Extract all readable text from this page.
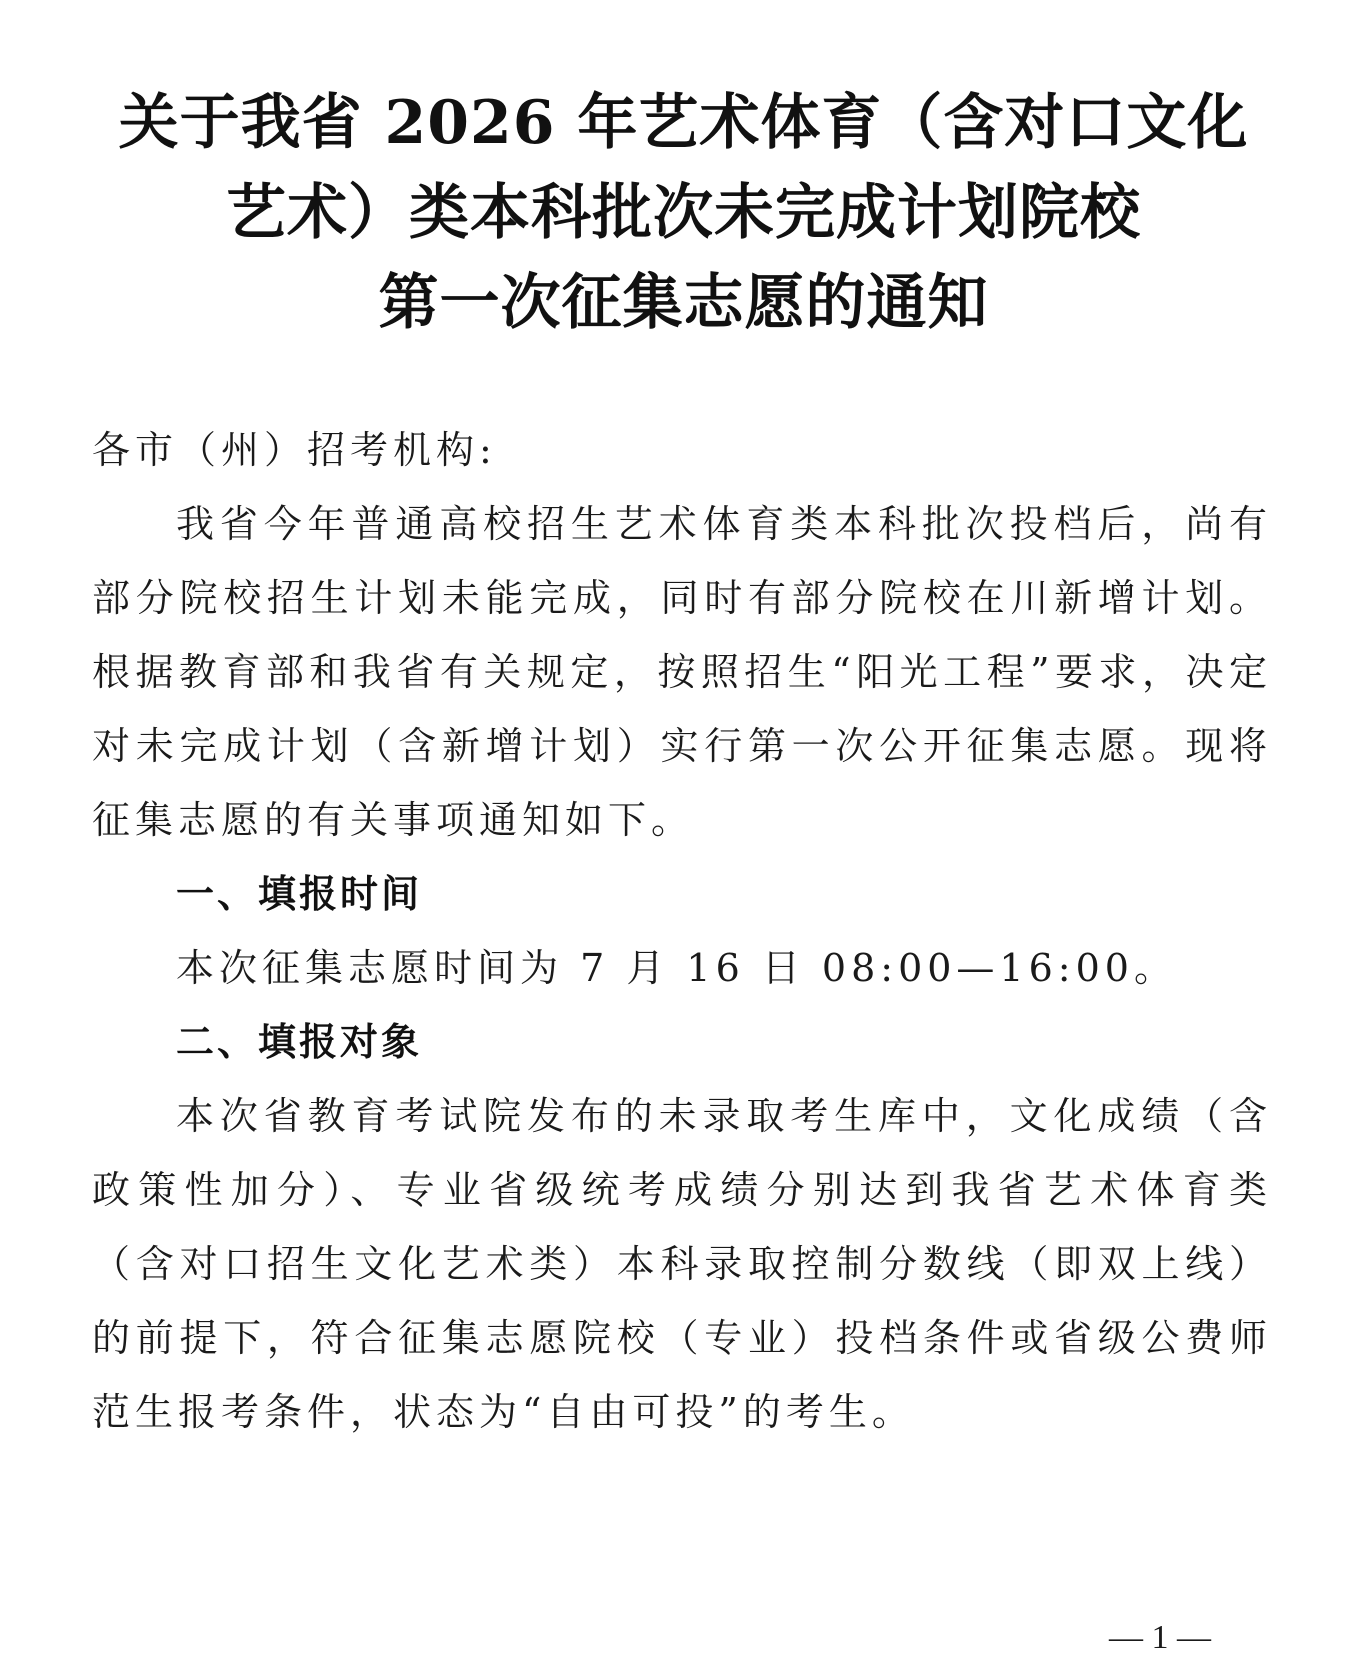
关于我省 2026 年艺术体育（含对口文化
艺术）类本科批次未完成计划院校
第一次征集志愿的通知

各市（州）招考机构:

我省今年普通高校招生艺术体育类本科批次投档后，尚有部分院校招生计划未能完成，同时有部分院校在川新增计划。根据教育部和我省有关规定，按照招生“阳光工程”要求，决定对未完成计划（含新增计划）实行第一次公开征集志愿。现将征集志愿的有关事项通知如下。

一、填报时间

本次征集志愿时间为 7 月 16 日 08:00—16:00。

二、填报对象

本次省教育考试院发布的未录取考生库中，文化成绩（含政策性加分）、专业省级统考成绩分别达到我省艺术体育类（含对口招生文化艺术类）本科录取控制分数线（即双上线）的前提下，符合征集志愿院校（专业）投档条件或省级公费师范生报考条件，状态为“自由可投”的考生。

— 1 —
